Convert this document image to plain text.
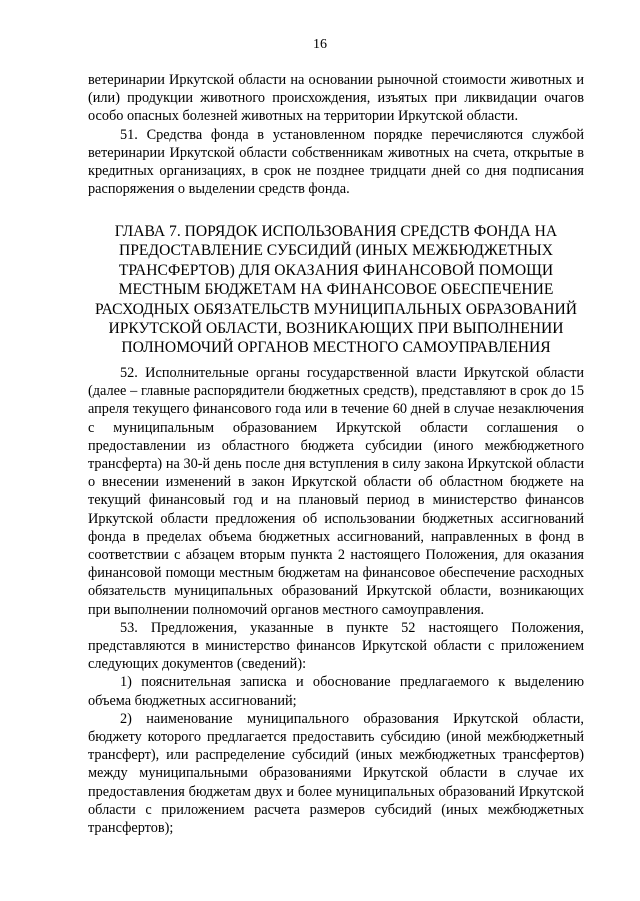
16

ветеринарии Иркутской области на основании рыночной стоимости животных и (или) продукции животного происхождения, изъятых при ликвидации очагов особо опасных болезней животных на территории Иркутской области.

51. Средства фонда в установленном порядке перечисляются службой ветеринарии Иркутской области собственникам животных на счета, открытые в кредитных организациях, в срок не позднее тридцати дней со дня подписания распоряжения о выделении средств фонда.

ГЛАВА 7. ПОРЯДОК ИСПОЛЬЗОВАНИЯ СРЕДСТВ ФОНДА НА ПРЕДОСТАВЛЕНИЕ СУБСИДИЙ (ИНЫХ МЕЖБЮДЖЕТНЫХ ТРАНСФЕРТОВ) ДЛЯ ОКАЗАНИЯ ФИНАНСОВОЙ ПОМОЩИ МЕСТНЫМ БЮДЖЕТАМ НА ФИНАНСОВОЕ ОБЕСПЕЧЕНИЕ РАСХОДНЫХ ОБЯЗАТЕЛЬСТВ МУНИЦИПАЛЬНЫХ ОБРАЗОВАНИЙ ИРКУТСКОЙ ОБЛАСТИ, ВОЗНИКАЮЩИХ ПРИ ВЫПОЛНЕНИИ ПОЛНОМОЧИЙ ОРГАНОВ МЕСТНОГО САМОУПРАВЛЕНИЯ

52. Исполнительные органы государственной власти Иркутской области (далее – главные распорядители бюджетных средств), представляют в срок до 15 апреля текущего финансового года или в течение 60 дней в случае незаключения с муниципальным образованием Иркутской области соглашения о предоставлении из областного бюджета субсидии (иного межбюджетного трансферта) на 30-й день после дня вступления в силу закона Иркутской области о внесении изменений в закон Иркутской области об областном бюджете на текущий финансовый год и на плановый период в министерство финансов Иркутской области предложения об использовании бюджетных ассигнований фонда в пределах объема бюджетных ассигнований, направленных в фонд в соответствии с абзацем вторым пункта 2 настоящего Положения, для оказания финансовой помощи местным бюджетам на финансовое обеспечение расходных обязательств муниципальных образований Иркутской области, возникающих при выполнении полномочий органов местного самоуправления.

53. Предложения, указанные в пункте 52 настоящего Положения, представляются в министерство финансов Иркутской области с приложением следующих документов (сведений):

1) пояснительная записка и обоснование предлагаемого к выделению объема бюджетных ассигнований;

2) наименование муниципального образования Иркутской области, бюджету которого предлагается предоставить субсидию (иной межбюджетный трансферт), или распределение субсидий (иных межбюджетных трансфертов) между муниципальными образованиями Иркутской области в случае их предоставления бюджетам двух и более муниципальных образований Иркутской области с приложением расчета размеров субсидий (иных межбюджетных трансфертов);
